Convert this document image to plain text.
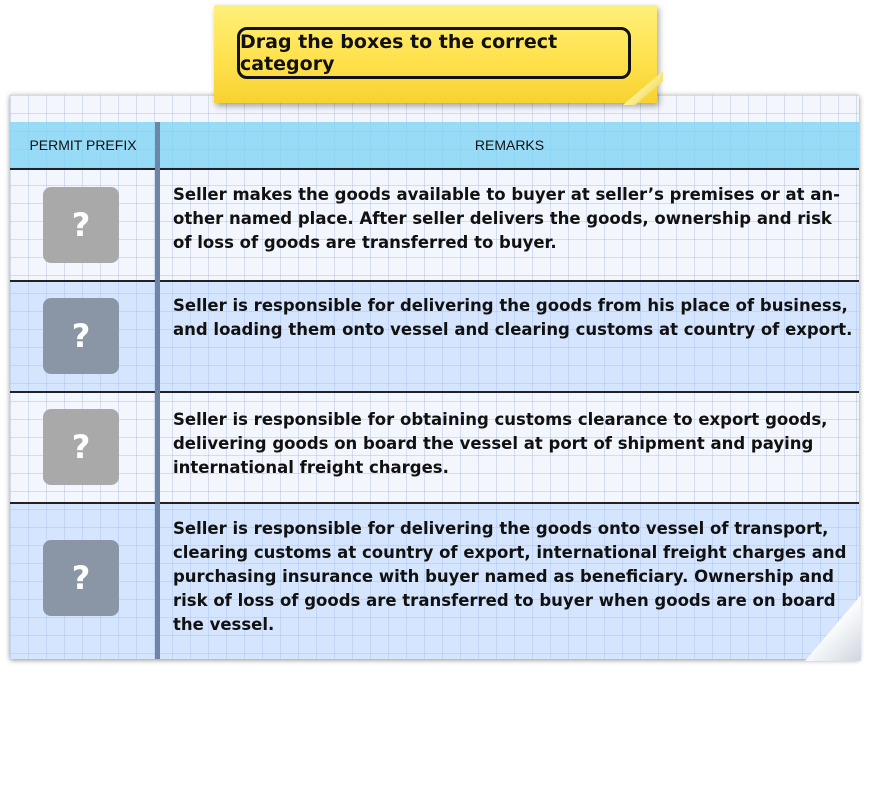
Drag the boxes to the correct category
PERMIT PREFIX	REMARKS
?
Seller makes the goods available to buyer at seller’s premises or at an-other named place. After seller delivers the goods, ownership and risk of loss of goods are transferred to buyer.
?
Seller is responsible for delivering the goods from his place of business, and loading them onto vessel and clearing customs at country of export.
?
Seller is responsible for obtaining customs clearance to export goods, delivering goods on board the vessel at port of shipment and paying international freight charges.
?
Seller is responsible for delivering the goods onto vessel of transport, clearing customs at country of export, international freight charges and purchasing insurance with buyer named as beneficiary. Ownership and risk of loss of goods are transferred to buyer when goods are on board the vessel.
